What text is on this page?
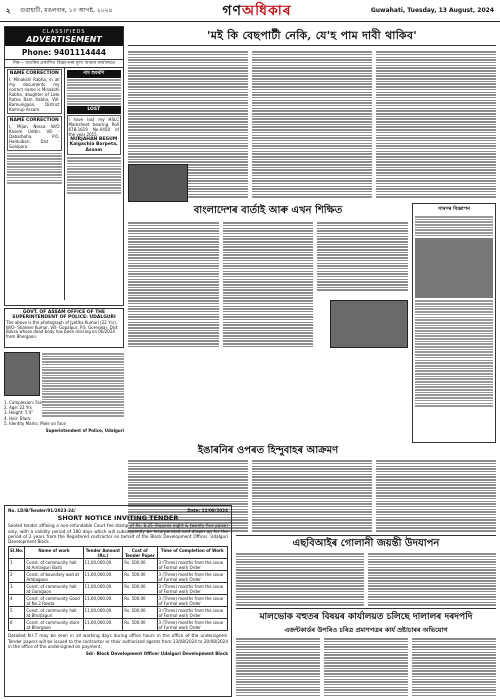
২	গুৱাহাটী, মঙলবাৰ, ১৩ আগষ্ট, ২০২৪	গণঅধিকাৰ	Guwahati, Tuesday, 13 August, 2024
CLASSIFIEDS
ADVERTISEMENT
Phone: 9401114444
শিৰ— বাতৰিৰ প্ৰকাশিত বিজ্ঞাপনৰ মূল্য আমাৰ কাৰ্যালয়ত
NAME CORRECTION
I, Minakshi Rabha, in all my documents my correct name is Minakshi Rabha, daughter of Late Ratna Ram Rabha, Vill- Bamunigaon, District Kamrup Assam.
NAME CORRECTION
I, Mijan Nessa W/O Kasem Uddin. Vill - Dabarbaha, P.O. Halduibari, Dist - Goalpara.
নাম শুধৰণি
LOST
I have lost my HSLC Marksheet bearing Roll 678-1619 No-0450 of the year 2015.
NURJAHAN BEGUM
Kalgachia Barpeta, Assam
'মই কি বেছপাৰ্টী নেকি, যে'হ পাম দাবী থাকিব'
বাংলাদেশৰ বাৰ্তাই আৰু এখন শিক্ষিত	সাৰণৰ বিজ্ঞাপন
GOVT. OF ASSAM OFFICE OF THE SUPERINTENDENT OF POLICE: UDALGURI
The above is the photograph of Jyotika Kumari (22 Yrs), W/O- Shanker Kumar, Vill- Gopalpur, P.S. Goreswar, Dist Baksa whose dead body has been missing on 06/2024 from Bhergaon.
1. Complexion: Fair
2. Age: 22 Yrs
3. Height: 5'4"
4. Hair: Black
5. Identity Marks: Mole on face
Superintendent of Police, Udalguri
ইঙাৰনিৰ ওপৰত হিন্দুবাহৰ আক্ৰমণ
এছবিআইৰ গোলানী জয়ন্তী উদযাপন
মালভোক বহুতৰ বিষয়ৰ কাৰ্যালয়ত চলিছে দালালৰ দৰদপদি
এজন্টকাৰ্ডৰ উপৰিও চৰিত্ৰ প্ৰমাণপত্ৰৰ কাৰ্য ভ্ৰষ্টাচাৰৰ অভিযোগ
No. LD/B/Tender/91/2023-24/	Date: 12/08/2024
SHORT NOTICE INVITING TENDER
Sealed tender affixing a non-refundable Court fee stamp of Rs. 8.25 (Rupees eight & twenty five paise) only, with a validity period of 180 days which will subsequently be incorporated and drawn up for the period of 2 years from the Registered contractor on behalf of the Block Development Officer, Udalguri Development Block.
Sl.No.	Name of work	Tender Amount (Rs.)	Cost of Tender Paper	Time of Completion of Work
1	Const. of community hall at Amlaiguri Basti	11,00,000.00	Rs. 500.00	3 (Three) months from the issue of Formal work Order
2	Const. of boundary wall at Ambagaon	11,00,000.00	Rs. 500.00	3 (Three) months from the issue of Formal work Order
3	Const. of community hall at Garogaon	11,00,000.00	Rs. 500.00	3 (Three) months from the issue of Formal work Order
4	Const. of community Good at No.2 Rowta	11,00,000.00	Rs. 500.00	3 (Three) months from the issue of Formal work Order
5	Const. of community hall at Bhutiaguri	11,00,000.00	Rs. 500.00	3 (Three) months from the issue of Formal work Order
6	Const. of community store at Bhergaon	11,00,000.00	Rs. 500.00	3 (Three) months from the issue of Formal work Order
Detailed N.I.T may be seen in all working days during office hours in the office of the undersigned. Tender papers will be issued to the contractor or their authorized agents from 13/08/2024 to 20/08/2024 in the office of the undersigned on payment.
Sd/- Block Development Officer Udalguri Development Block
